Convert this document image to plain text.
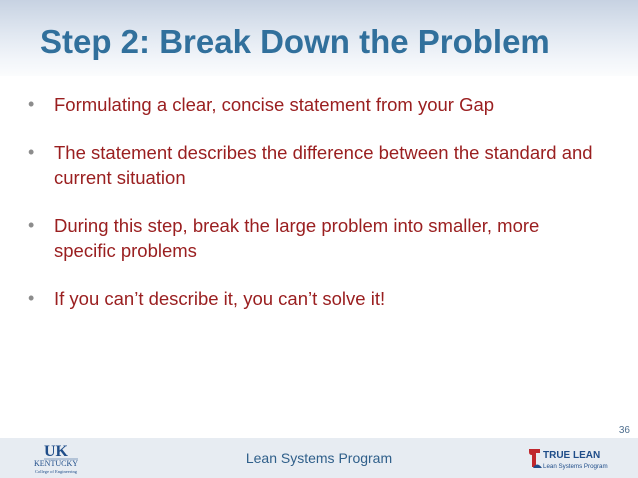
Step 2: Break Down the Problem
• Formulating a clear, concise statement from your Gap
• The statement describes the difference between the standard and current situation
• During this step, break the large problem into smaller, more specific problems
• If you can’t describe it, you can’t solve it!
36
UK
KENTUCKY
College of Engineering
Lean Systems Program	TRUE LEAN
Lean Systems Program
